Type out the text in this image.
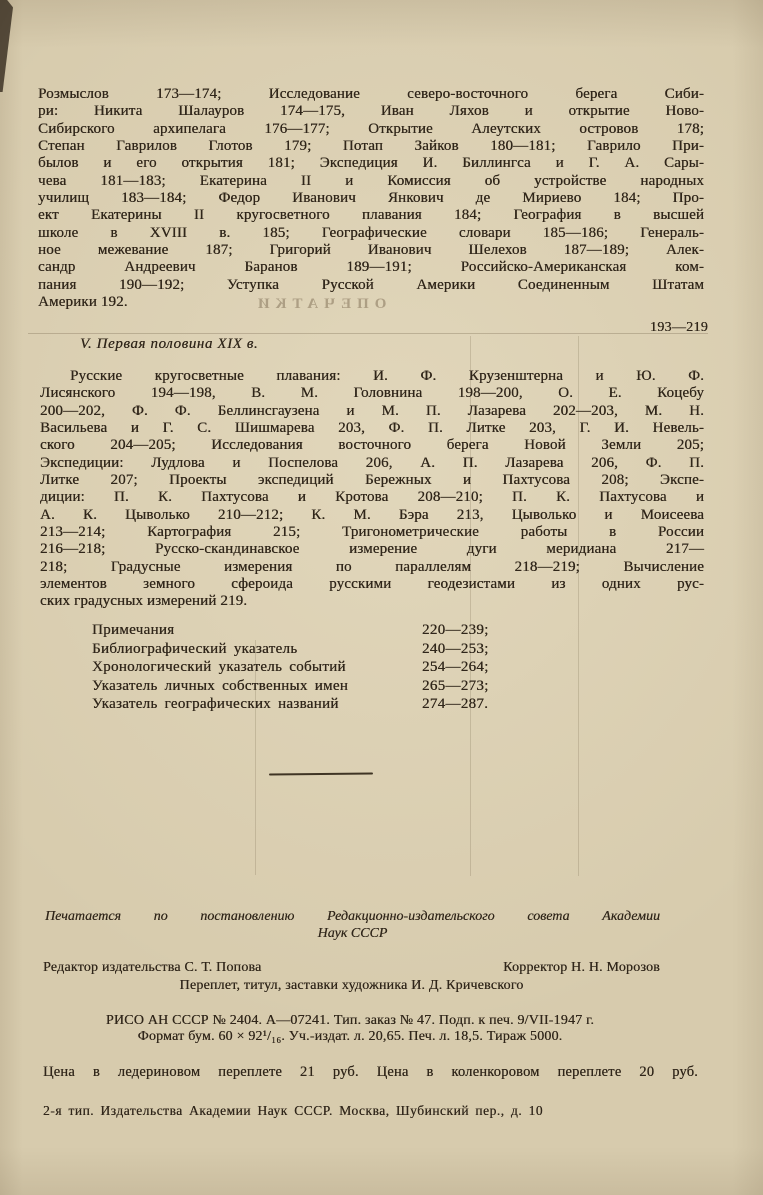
ОПЕЧАТКИ
Розмыслов 173—174; Исследование северо-восточного берега Сиби-
ри: Никита Шалауров 174—175, Иван Ляхов и открытие Ново-
Сибирского архипелага 176—177; Открытие Алеутских островов 178;
Степан Гаврилов Глотов 179; Потап Зайков 180—181; Гаврило При-
былов и его открытия 181; Экспедиция И. Биллингса и Г. А. Сары-
чева 181—183; Екатерина II и Комиссия об устройстве народных
училищ 183—184; Федор Иванович Янкович де Мириево 184; Про-
ект Екатерины II кругосветного плавания 184; География в высшей
школе в XVIII в. 185; Географические словари 185—186; Генераль-
ное межевание 187; Григорий Иванович Шелехов 187—189; Алек-
сандр Андреевич Баранов 189—191; Российско-Американская ком-
пания 190—192; Уступка Русской Америки Соединенным Штатам
Америки 192.
193—219
V. Первая половина XIX в.
Русские кругосветные плавания: И. Ф. Крузенштерна и Ю. Ф.
Лисянского 194—198, В. М. Головнина 198—200, О. Е. Коцебу
200—202, Ф. Ф. Беллинсгаузена и М. П. Лазарева 202—203, М. Н.
Васильева и Г. С. Шишмарева 203, Ф. П. Литке 203, Г. И. Невель-
ского 204—205; Исследования восточного берега Новой Земли 205;
Экспедиции: Лудлова и Поспелова 206, А. П. Лазарева 206, Ф. П.
Литке 207; Проекты экспедиций Бережных и Пахтусова 208; Экспе-
диции: П. К. Пахтусова и Кротова 208—210; П. К. Пахтусова и
А. К. Цыволько 210—212; К. М. Бэра 213, Цыволько и Моисеева
213—214; Картография 215; Тригонометрические работы в России
216—218; Русско-скандинавское измерение дуги меридиана 217—
218; Градусные измерения по параллелям 218—219; Вычисление
элементов земного сфероида русскими геодезистами из одних рус-
ских градусных измерений 219.
Примечания	220—239;
Библиографический указатель	240—253;
Хронологический указатель событий	254—264;
Указатель личных собственных имен	265—273;
Указатель географических названий	274—287.
Печатается по постановлению Редакционно-издательского совета Академии
Наук СССР
Редактор издательства С. Т. Попова	Корректор Н. Н. Морозов
Переплет, титул, заставки художника И. Д. Кричевского
РИСО АН СССР № 2404. А—07241. Тип. заказ № 47. Подп. к печ. 9/VII-1947 г.
Формат бум. 60 × 92¹/₁₆. Уч.-издат. л. 20,65. Печ. л. 18,5. Тираж 5000.
Цена в ледериновом переплете 21 руб. Цена в коленкоровом переплете 20 руб.
2-я тип. Издательства Академии Наук СССР. Москва, Шубинский пер., д. 10
